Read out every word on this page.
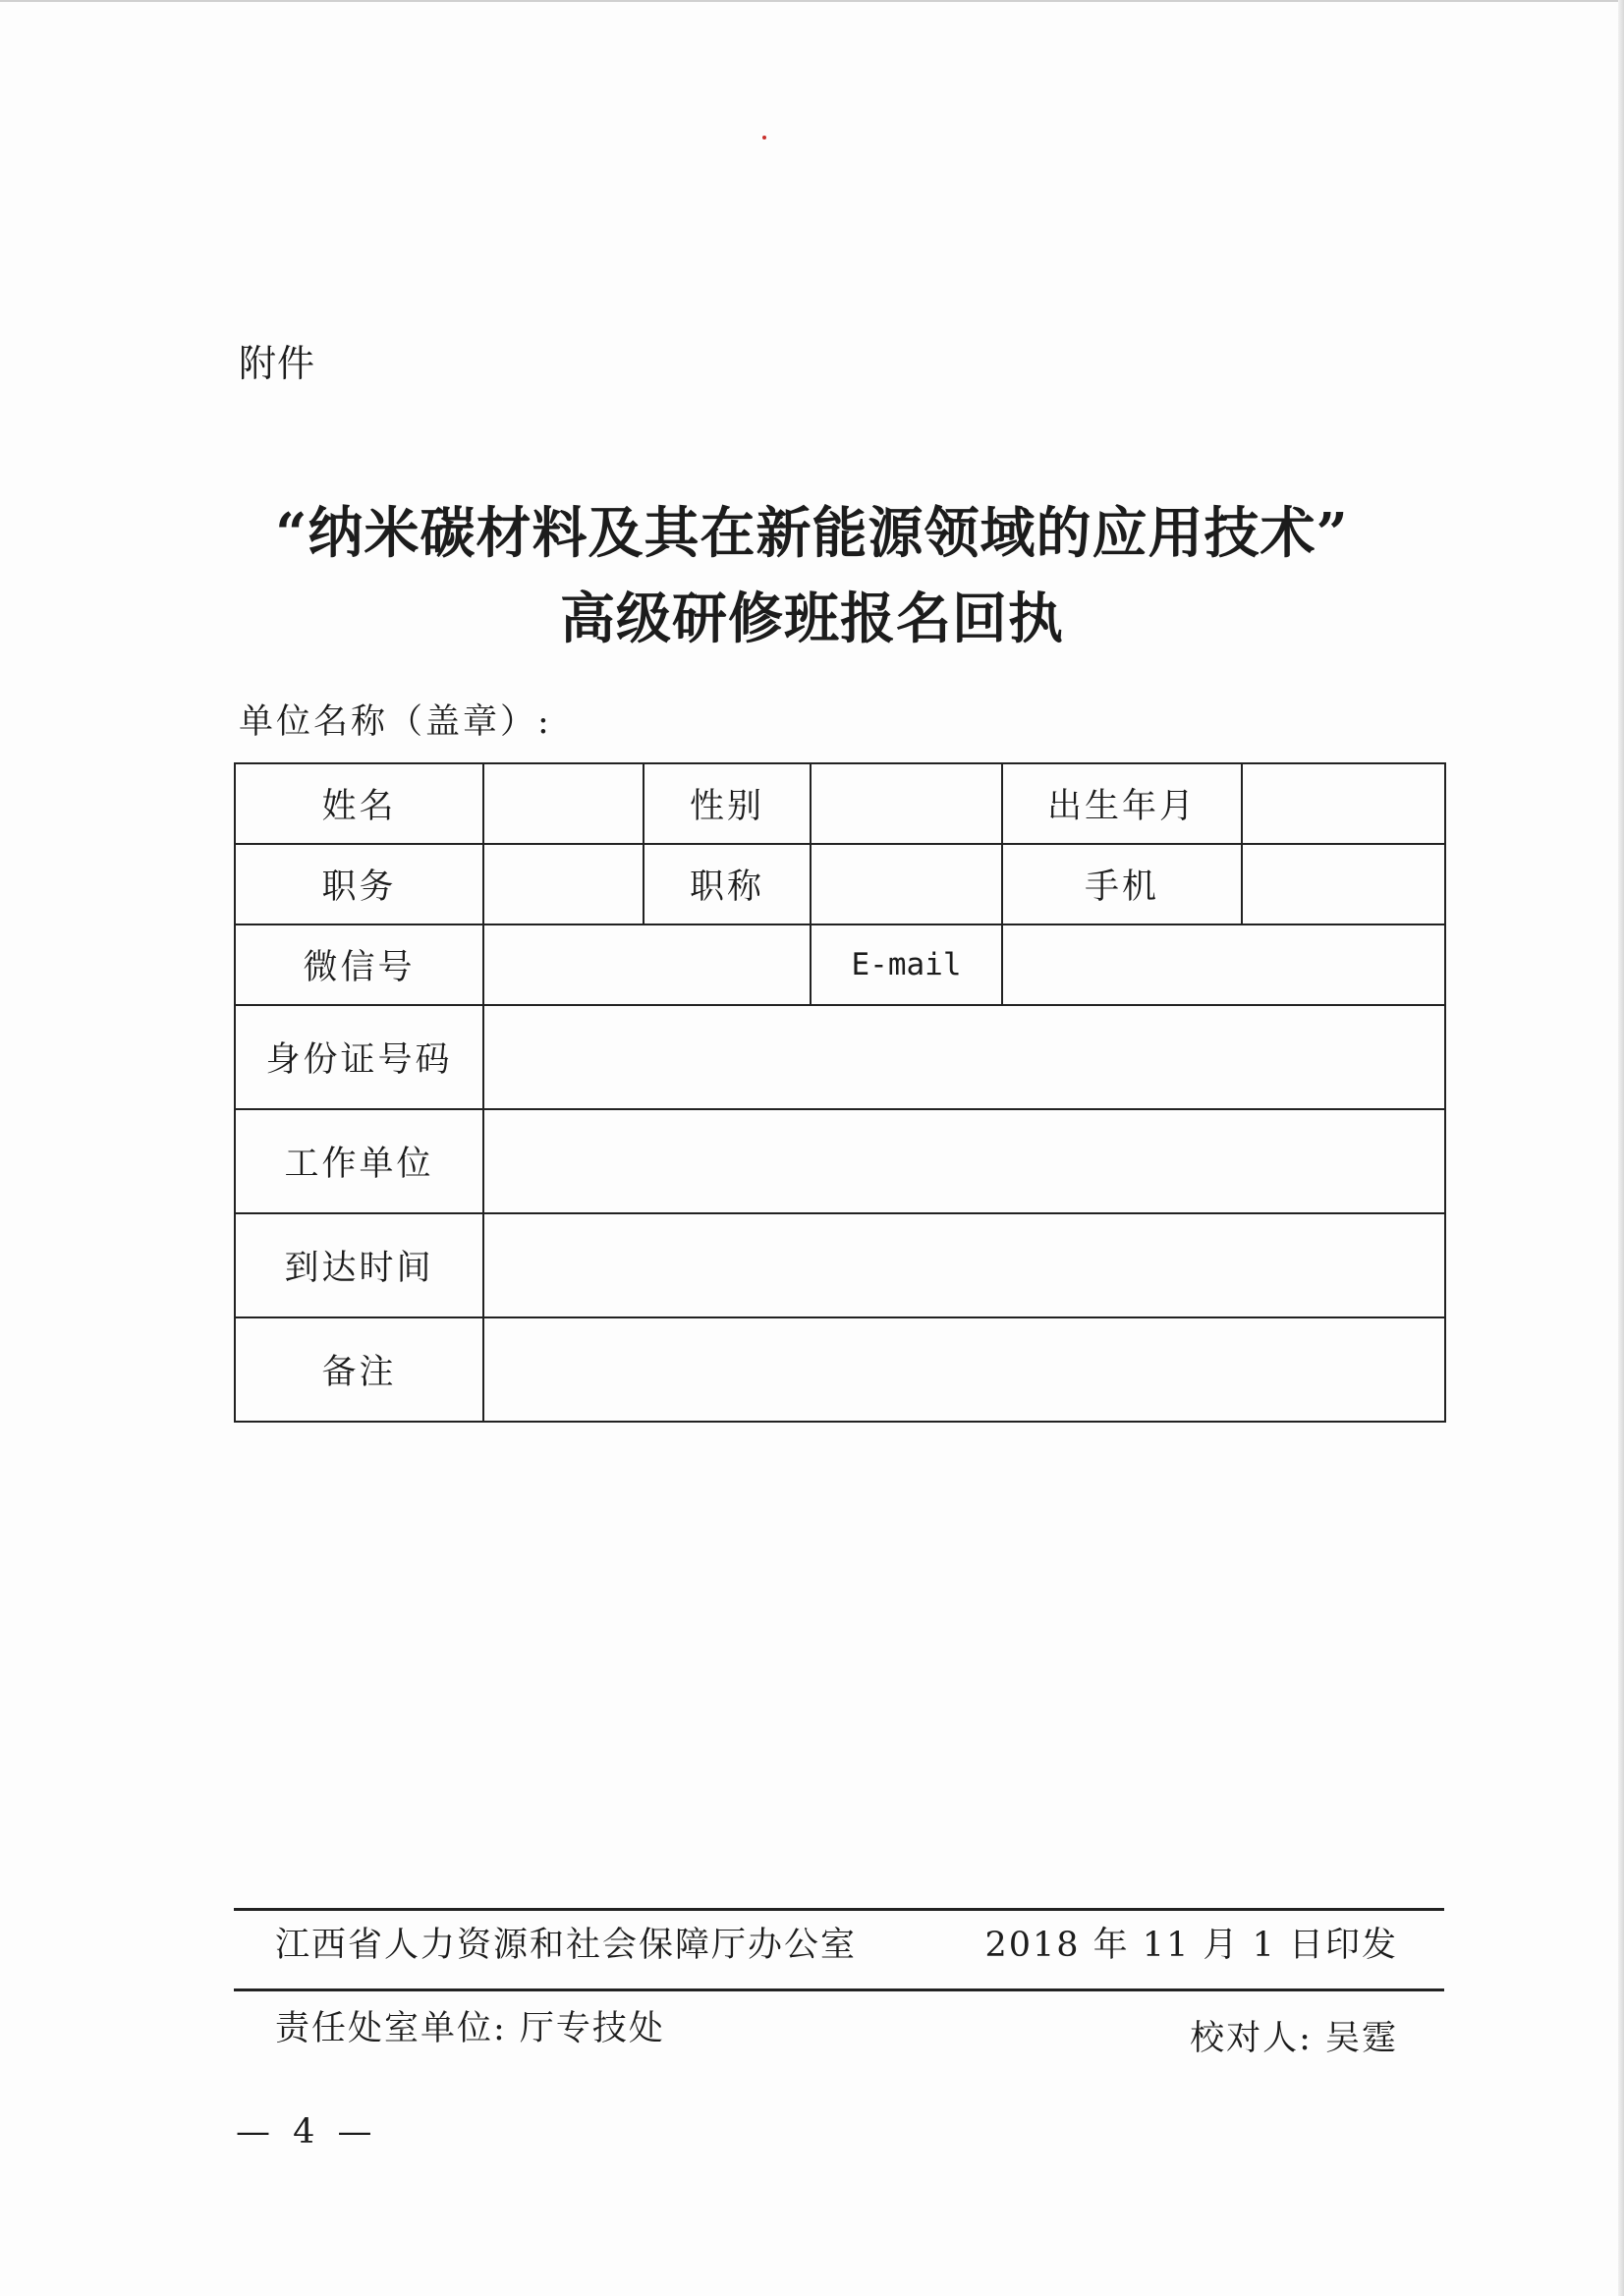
附件
“纳米碳材料及其在新能源领域的应用技术”
高级研修班报名回执
单位名称（盖章）:
姓名		性别		出生年月	
职务		职称		手机	
微信号			E-mail		
身份证号码					
工作单位					
到达时间					
备注					
江西省人力资源和社会保障厅办公室	2018 年 11 月 1 日印发
责任处室单位: 厅专技处	校对人: 吴霆
— 4 —
